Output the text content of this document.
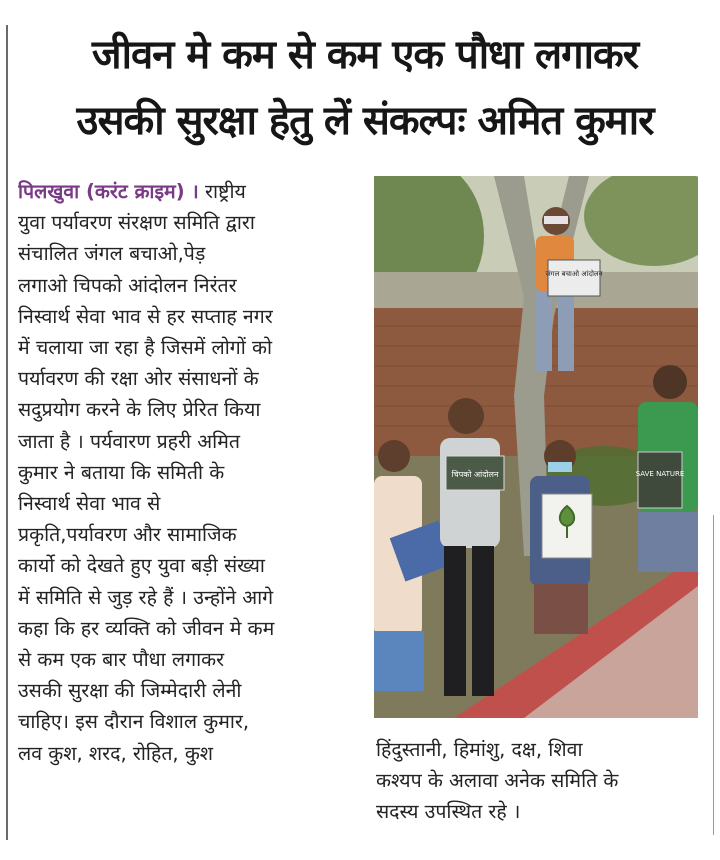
जीवन मे कम से कम एक पौधा लगाकर
उसकी सुरक्षा हेतु लें संकल्पः अमित कुमार
पिलखुवा (करंट क्राइम) । राष्ट्रीय
युवा पर्यावरण संरक्षण समिति द्वारा
संचालित जंगल बचाओ,पेड़
लगाओ चिपको आंदोलन निरंतर
निस्वार्थ सेवा भाव से हर सप्ताह नगर
में चलाया जा रहा है जिसमें लोगों को
पर्यावरण की रक्षा ओर संसाधनों के
सदुप्रयोग करने के लिए प्रेरित किया
जाता है । पर्यवारण प्रहरी अमित
कुमार ने बताया कि समिती के
निस्वार्थ सेवा भाव से
प्रकृति,पर्यावरण और सामाजिक
कार्यो को देखते हुए युवा बड़ी संख्या
में समिति से जुड़ रहे हैं । उन्होंने आगे
कहा कि हर व्यक्ति को जीवन मे कम
से कम एक बार पौधा लगाकर
उसकी सुरक्षा की जिम्मेदारी लेनी
चाहिए। इस दौरान विशाल कुमार,
लव कुश, शरद, रोहित, कुश
जंगल बचाओ आंदोलन
चिपको आंदोलन	SAVE NATURE
हिंदुस्तानी, हिमांशु, दक्ष, शिवा
कश्यप के अलावा अनेक समिति के
सदस्य उपस्थित रहे ।
